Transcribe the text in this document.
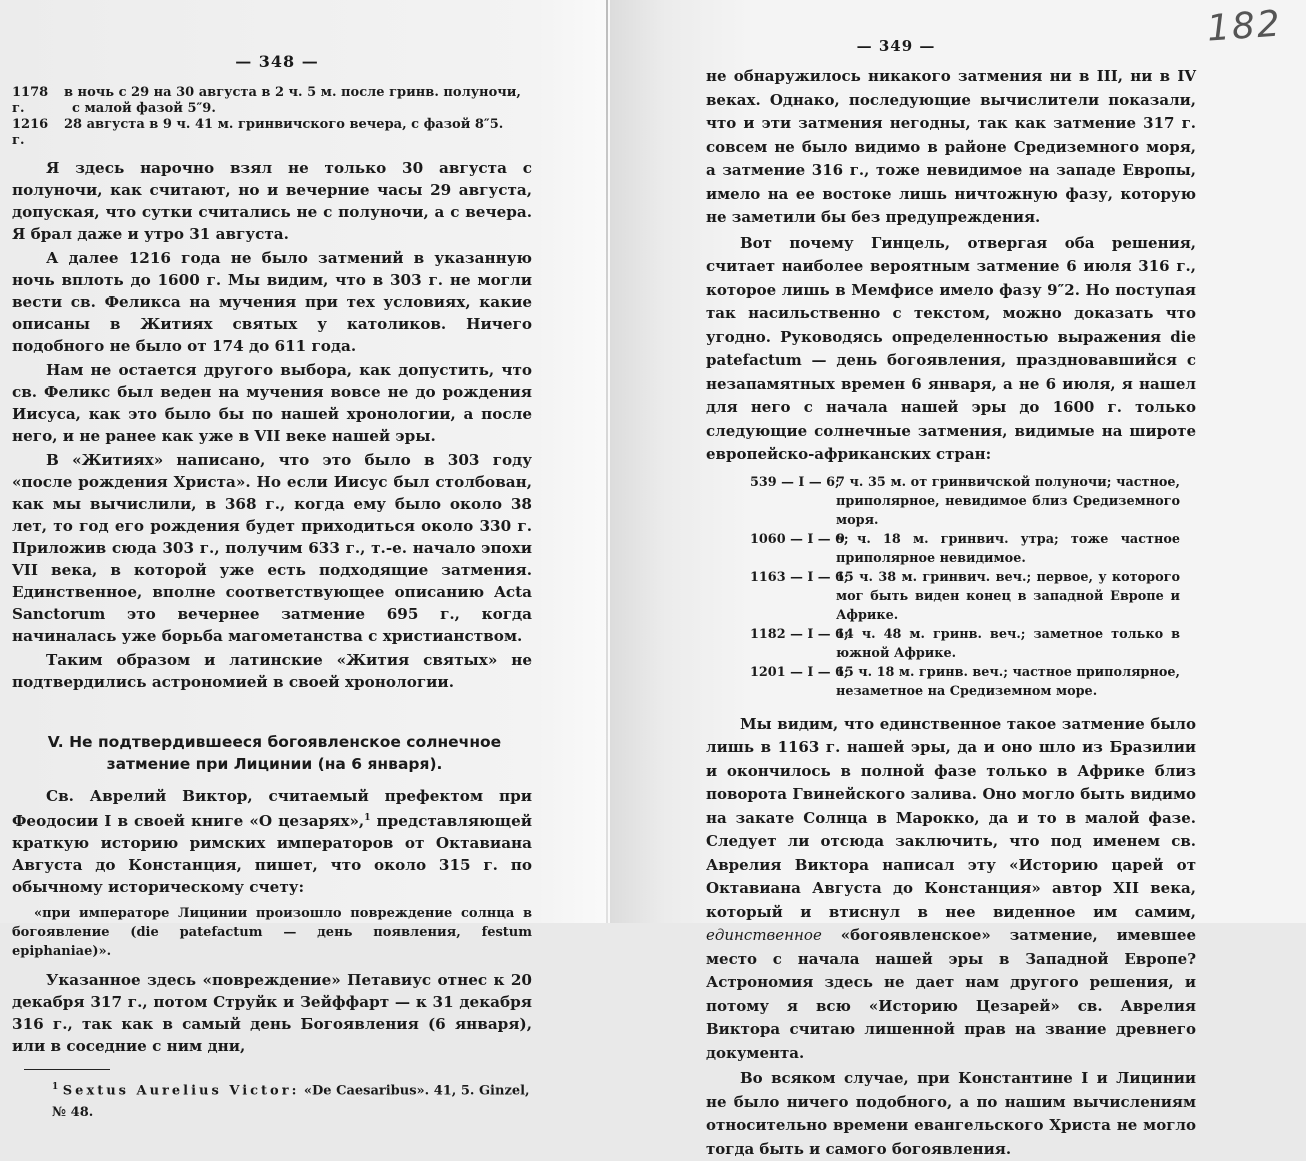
— 348 —
1178 г.
в ночь с 29 на 30 августа в 2 ч. 5 м. после гринв. полуночи, с малой фазой 5″9.
1216 г.
28 августа в 9 ч. 41 м. гринвичского вечера, с фазой 8″5.

Я здесь нарочно взял не только 30 августа с полуночи, как считают, но и вечерние часы 29 августа, допуская, что сутки считались не с полуночи, а с вечера. Я брал даже и утро 31 августа.

А далее 1216 года не было затмений в указанную ночь вплоть до 1600 г. Мы видим, что в 303 г. не могли вести св. Феликса на мучения при тех условиях, какие описаны в Житиях святых у католиков. Ничего подобного не было от 174 до 611 года.

Нам не остается другого выбора, как допустить, что св. Феликс был веден на мучения вовсе не до рождения Иисуса, как это было бы по нашей хронологии, а после него, и не ранее как уже в VII веке нашей эры.

В «Житиях» написано, что это было в 303 году «после рождения Христа». Но если Иисус был столбован, как мы вычислили, в 368 г., когда ему было около 38 лет, то год его рождения будет приходиться около 330 г. Приложив сюда 303 г., получим 633 г., т.-е. начало эпохи VII века, в которой уже есть подходящие затмения. Единственное, вполне соответствующее описанию Acta Sanctorum это вечернее затмение 695 г., когда начиналась уже борьба магометанства с христианством.

Таким образом и латинские «Жития святых» не подтвердились астрономией в своей хронологии.

V. Не подтвердившееся богоявленское солнечное затмение при Лицинии (на 6 января).

Св. Аврелий Виктор, считаемый префектом при Феодосии I в своей книге «О цезарях»,$^1$ представляющей краткую историю римских императоров от Октавиана Августа до Констанция, пишет, что около 315 г. по обычному историческому счету:

«при императоре Лицинии произошло повреждение солнца в богоявление (die patefactum — день появления, festum epiphaniae)».

Указанное здесь «повреждение» Петавиус отнес к 20 декабря 317 г., потом Струйк и Зейффарт — к 31 декабря 316 г., так как в самый день Богоявления (6 января), или в соседние с ним дни,

$^1$ Sextus Aurelius Victor: «De Caesaribus». 41, 5. Ginzel, № 48.
182
— 349 —

не обнаружилось никакого затмения ни в III, ни в IV веках. Однако, последующие вычислители показали, что и эти затмения негодны, так как затмение 317 г. совсем не было видимо в районе Средиземного моря, а затмение 316 г., тоже невидимое на западе Европы, имело на ее востоке лишь ничтожную фазу, которую не заметили бы без предупреждения.

Вот почему Гинцель, отвергая оба решения, считает наиболее вероятным затмение 6 июля 316 г., которое лишь в Мемфисе имело фазу 9″2. Но поступая так насильственно с текстом, можно доказать что угодно. Руководясь определенностью выражения die patefactum — день богоявления, праздновавшийся с незапамятных времен 6 января, а не 6 июля, я нашел для него с начала нашей эры до 1600 г. только следующие солнечные затмения, видимые на широте европейско-африканских стран:

539 — I — 6;
7 ч. 35 м. от гринвичской полуночи; частное, приполярное, невидимое близ Средиземного моря.
1060 — I — 6;
9 ч. 18 м. гринвич. утра; тоже частное приполярное невидимое.
1163 — I — 6;
15 ч. 38 м. гринвич. веч.; первое, у которого мог быть виден конец в западной Европе и Африке.
1182 — I — 6;
14 ч. 48 м. гринв. веч.; заметное только в южной Африке.
1201 — I — 6;
15 ч. 18 м. гринв. веч.; частное приполярное, незаметное на Средиземном море.

Мы видим, что единственное такое затмение было лишь в 1163 г. нашей эры, да и оно шло из Бразилии и окончилось в полной фазе только в Африке близ поворота Гвинейского залива. Оно могло быть видимо на закате Солнца в Марокко, да и то в малой фазе. Следует ли отсюда заключить, что под именем св. Аврелия Виктора написал эту «Историю царей от Октавиана Августа до Констанция» автор XII века, который и втиснул в нее виденное им самим, единственное «богоявленское» затмение, имевшее место с начала нашей эры в Западной Европе? Астрономия здесь не дает нам другого решения, и потому я всю «Историю Цезарей» св. Аврелия Виктора считаю лишенной прав на звание древнего документа.

Во всяком случае, при Константине I и Лицинии не было ничего подобного, а по нашим вычислениям относительно времени евангельского Христа не могло тогда быть и самого богоявления.
